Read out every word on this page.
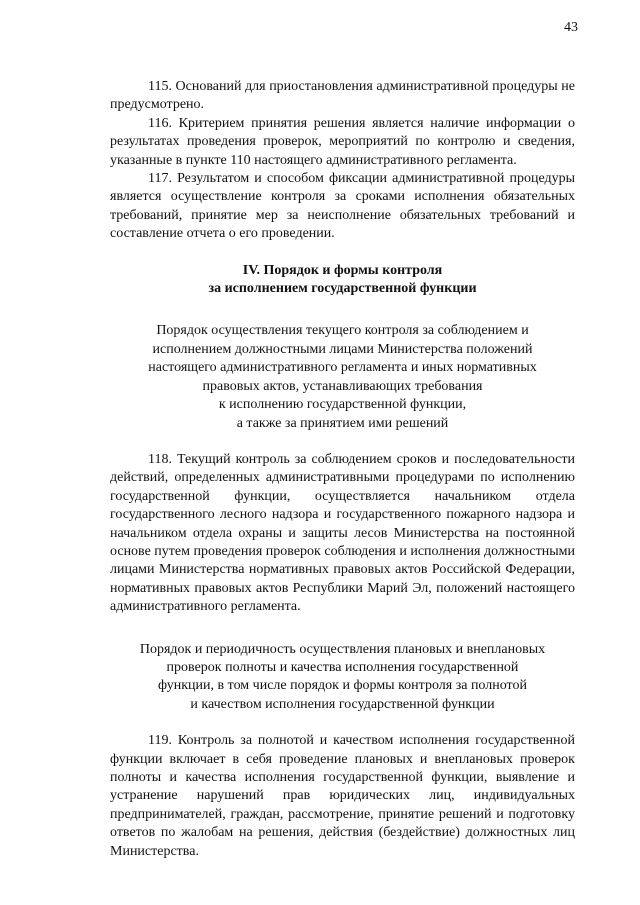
43

115. Оснований для приостановления административной процедуры не предусмотрено.

116. Критерием принятия решения является наличие информации о результатах проведения проверок, мероприятий по контролю и сведения, указанные в пункте 110 настоящего административного регламента.

117. Результатом и способом фиксации административной процедуры является осуществление контроля за сроками исполнения обязательных требований, принятие мер за неисполнение обязательных требований и составление отчета о его проведении.

IV. Порядок и формы контроля
за исполнением государственной функции
Порядок осуществления текущего контроля за соблюдением и
исполнением должностными лицами Министерства положений
настоящего административного регламента и иных нормативных
правовых актов, устанавливающих требования
к исполнению государственной функции,
а также за принятием ими решений

118. Текущий контроль за соблюдением сроков и последовательности действий, определенных административными процедурами по исполнению государственной функции, осуществляется начальником отдела государственного лесного надзора и государственного пожарного надзора и начальником отдела охраны и защиты лесов Министерства на постоянной основе путем проведения проверок соблюдения и исполнения должностными лицами Министерства нормативных правовых актов Российской Федерации, нормативных правовых актов Республики Марий Эл, положений настоящего административного регламента.

Порядок и периодичность осуществления плановых и внеплановых
проверок полноты и качества исполнения государственной
функции, в том числе порядок и формы контроля за полнотой
и качеством исполнения государственной функции

119. Контроль за полнотой и качеством исполнения государственной функции включает в себя проведение плановых и внеплановых проверок полноты и качества исполнения государственной функции, выявление и устранение нарушений прав юридических лиц, индивидуальных предпринимателей, граждан, рассмотрение, принятие решений и подготовку ответов по жалобам на решения, действия (бездействие) должностных лиц Министерства.
